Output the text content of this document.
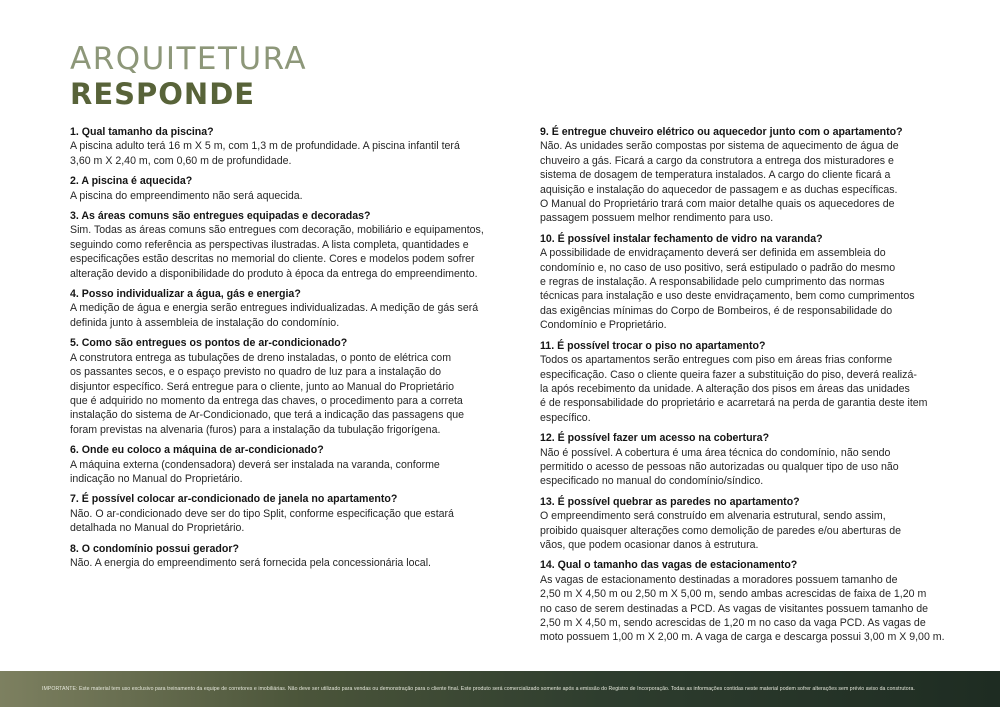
ARQUITETURA
RESPONDE

1. Qual tamanho da piscina?

A piscina adulto terá 16 m X 5 m, com 1,3 m de profundidade. A piscina infantil terá
3,60 m X 2,40 m, com 0,60 m de profundidade.

2. A piscina é aquecida?

A piscina do empreendimento não será aquecida.

3. As áreas comuns são entregues equipadas e decoradas?

Sim. Todas as áreas comuns são entregues com decoração, mobiliário e equipamentos,
seguindo como referência as perspectivas ilustradas. A lista completa, quantidades e
especificações estão descritas no memorial do cliente. Cores e modelos podem sofrer
alteração devido a disponibilidade do produto à época da entrega do empreendimento.

4. Posso individualizar a água, gás e energia?

A medição de água e energia serão entregues individualizadas. A medição de gás será
definida junto à assembleia de instalação do condomínio.

5. Como são entregues os pontos de ar-condicionado?

A construtora entrega as tubulações de dreno instaladas, o ponto de elétrica com
os passantes secos, e o espaço previsto no quadro de luz para a instalação do
disjuntor específico. Será entregue para o cliente, junto ao Manual do Proprietário
que é adquirido no momento da entrega das chaves, o procedimento para a correta
instalação do sistema de Ar-Condicionado, que terá a indicação das passagens que
foram previstas na alvenaria (furos) para a instalação da tubulação frigorígena.

6. Onde eu coloco a máquina de ar-condicionado?

A máquina externa (condensadora) deverá ser instalada na varanda, conforme
indicação no Manual do Proprietário.

7. É possível colocar ar-condicionado de janela no apartamento?

Não. O ar-condicionado deve ser do tipo Split, conforme especificação que estará
detalhada no Manual do Proprietário.

8. O condomínio possui gerador?

Não. A energia do empreendimento será fornecida pela concessionária local.

9. É entregue chuveiro elétrico ou aquecedor junto com o apartamento?

Não. As unidades serão compostas por sistema de aquecimento de água de
chuveiro a gás. Ficará a cargo da construtora a entrega dos misturadores e
sistema de dosagem de temperatura instalados. A cargo do cliente ficará a
aquisição e instalação do aquecedor de passagem e as duchas específicas.
O Manual do Proprietário trará com maior detalhe quais os aquecedores de
passagem possuem melhor rendimento para uso.

10. É possível instalar fechamento de vidro na varanda?

A possibilidade de envidraçamento deverá ser definida em assembleia do
condomínio e, no caso de uso positivo, será estipulado o padrão do mesmo
e regras de instalação. A responsabilidade pelo cumprimento das normas
técnicas para instalação e uso deste envidraçamento, bem como cumprimentos
das exigências mínimas do Corpo de Bombeiros, é de responsabilidade do
Condomínio e Proprietário.

11. É possível trocar o piso no apartamento?

Todos os apartamentos serão entregues com piso em áreas frias conforme
especificação. Caso o cliente queira fazer a substituição do piso, deverá realizá-
la após recebimento da unidade. A alteração dos pisos em áreas das unidades
é de responsabilidade do proprietário e acarretará na perda de garantia deste item
específico.

12. É possível fazer um acesso na cobertura?

Não é possível. A cobertura é uma área técnica do condomínio, não sendo
permitido o acesso de pessoas não autorizadas ou qualquer tipo de uso não
especificado no manual do condomínio/síndico.

13. É possível quebrar as paredes no apartamento?

O empreendimento será construído em alvenaria estrutural, sendo assim,
proibido quaisquer alterações como demolição de paredes e/ou aberturas de
vãos, que podem ocasionar danos à estrutura.

14. Qual o tamanho das vagas de estacionamento?

As vagas de estacionamento destinadas a moradores possuem tamanho de
2,50 m X 4,50 m ou 2,50 m X 5,00 m, sendo ambas acrescidas de faixa de 1,20 m
no caso de serem destinadas a PCD. As vagas de visitantes possuem tamanho de
2,50 m X 4,50 m, sendo acrescidas de 1,20 m no caso da vaga PCD. As vagas de
moto possuem 1,00 m X 2,00 m. A vaga de carga e descarga possui 3,00 m X 9,00 m.

IMPORTANTE: Este material tem uso exclusivo para treinamento da equipe de corretores e imobiliárias. Não deve ser utilizado para vendas ou demonstração para o cliente final. Este produto será comercializado somente após a emissão do Registro de Incorporação. Todas as informações contidas neste material podem sofrer alterações sem prévio aviso da construtora.
